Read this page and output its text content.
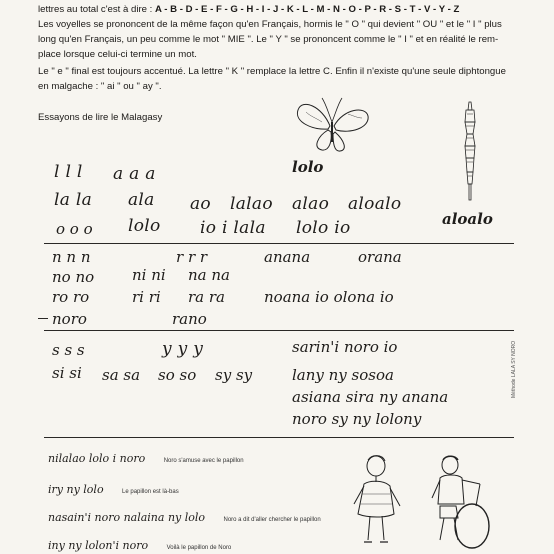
lettres au total c'est à dire : A - B - D - E - F - G - H - I - J - K - L - M - N - O - P - R - S - T - V - Y - Z
Les voyelles se prononcent de la même façon qu'en Français, hormis le " O " qui devient " OU " et le " I " plus
long qu'en Français, un peu comme le mot " MIE ". Le " Y " se prononcent comme le " I " et en réalité le rem-
place lorsque celui-ci termine un mot.
Le " e " final est toujours accentué. La lettre " K " remplace la lettre C. Enfin il n'existe qu'une seule diphtongue
en malgache : " ai " ou " ay ".
Essayons de lire le Malagasy
l l l a a a	lolo
la la ala ao lalao alao aloalo
aloalo
o o o lolo io i lala lolo io
n n n	r r r	anana	orana
no no	ni ni na na
ro ro	ri ri ra ra	noana io olona io
noro	rano
s s s	y y y	sarin'i noro io
si si sa sa so so sy sy	lany ny sosoa
asiana sira ny anana
noro sy ny lolony
Méthode LALA SY NORO
nilalao lolo i noro	Noro s'amuse avec le papillon
iry ny lolo	Le papillon est là-bas
nasain'i noro nalaina ny lolo	Noro a dit d'aller chercher le papillon
iny ny lolon'i noro	Voilà le papillon de Noro
